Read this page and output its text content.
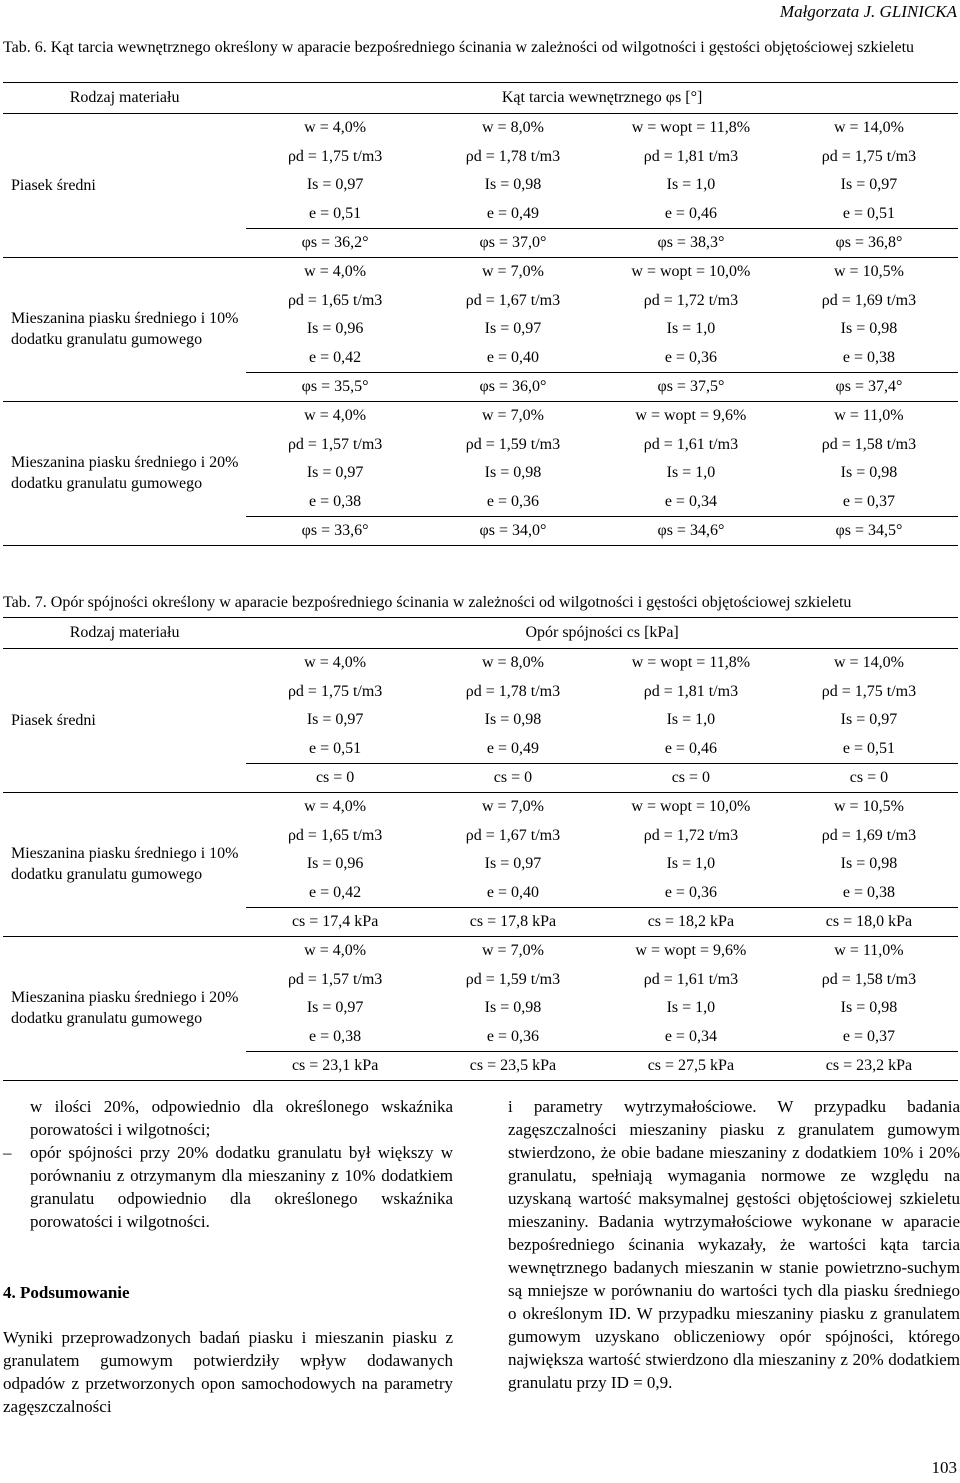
Małgorzata J. GLINICKA
Tab. 6. Kąt tarcia wewnętrznego określony w aparacie bezpośredniego ścinania w zależności od wilgotności i gęstości objętościowej szkieletu
Rodzaj materiału	Kąt tarcia wewnętrznego φs [°]			
Piasek średni	w = 4,0%	w = 8,0%	w = wopt = 11,8%	w = 14,0%
	ρd = 1,75 t/m3	ρd = 1,78 t/m3	ρd = 1,81 t/m3	ρd = 1,75 t/m3
	Is = 0,97	Is = 0,98	Is = 1,0	Is = 0,97
	e = 0,51	e = 0,49	e = 0,46	e = 0,51
	φs = 36,2°	φs = 37,0°	φs = 38,3°	φs = 36,8°
Mieszanina piasku średniego i 10% dodatku granulatu gumowego	w = 4,0%	w = 7,0%	w = wopt = 10,0%	w = 10,5%
	ρd = 1,65 t/m3	ρd = 1,67 t/m3	ρd = 1,72 t/m3	ρd = 1,69 t/m3
	Is = 0,96	Is = 0,97	Is = 1,0	Is = 0,98
	e = 0,42	e = 0,40	e = 0,36	e = 0,38
	φs = 35,5°	φs = 36,0°	φs = 37,5°	φs = 37,4°
Mieszanina piasku średniego i 20% dodatku granulatu gumowego	w = 4,0%	w = 7,0%	w = wopt = 9,6%	w = 11,0%
	ρd = 1,57 t/m3	ρd = 1,59 t/m3	ρd = 1,61 t/m3	ρd = 1,58 t/m3
	Is = 0,97	Is = 0,98	Is = 1,0	Is = 0,98
	e = 0,38	e = 0,36	e = 0,34	e = 0,37
	φs = 33,6°	φs = 34,0°	φs = 34,6°	φs = 34,5°
Tab. 7. Opór spójności określony w aparacie bezpośredniego ścinania w zależności od wilgotności i gęstości objętościowej szkieletu
Rodzaj materiału	Opór spójności cs [kPa]			
Piasek średni	w = 4,0%	w = 8,0%	w = wopt = 11,8%	w = 14,0%
	ρd = 1,75 t/m3	ρd = 1,78 t/m3	ρd = 1,81 t/m3	ρd = 1,75 t/m3
	Is = 0,97	Is = 0,98	Is = 1,0	Is = 0,97
	e = 0,51	e = 0,49	e = 0,46	e = 0,51
	cs = 0	cs = 0	cs = 0	cs = 0
Mieszanina piasku średniego i 10% dodatku granulatu gumowego	w = 4,0%	w = 7,0%	w = wopt = 10,0%	w = 10,5%
	ρd = 1,65 t/m3	ρd = 1,67 t/m3	ρd = 1,72 t/m3	ρd = 1,69 t/m3
	Is = 0,96	Is = 0,97	Is = 1,0	Is = 0,98
	e = 0,42	e = 0,40	e = 0,36	e = 0,38
	cs = 17,4 kPa	cs = 17,8 kPa	cs = 18,2 kPa	cs = 18,0 kPa
Mieszanina piasku średniego i 20% dodatku granulatu gumowego	w = 4,0%	w = 7,0%	w = wopt = 9,6%	w = 11,0%
	ρd = 1,57 t/m3	ρd = 1,59 t/m3	ρd = 1,61 t/m3	ρd = 1,58 t/m3
	Is = 0,97	Is = 0,98	Is = 1,0	Is = 0,98
	e = 0,38	e = 0,36	e = 0,34	e = 0,37
	cs = 23,1 kPa	cs = 23,5 kPa	cs = 27,5 kPa	cs = 23,2 kPa

w ilości 20%, odpowiednio dla określonego wskaźnika porowatości i wilgotności;

– opór spójności przy 20% dodatku granulatu był większy w porównaniu z otrzymanym dla mieszaniny z 10% dodatkiem granulatu odpowiednio dla określonego wskaźnika porowatości i wilgotności.

4. Podsumowanie

Wyniki przeprowadzonych badań piasku i mieszanin piasku z granulatem gumowym potwierdziły wpływ dodawanych odpadów z przetworzonych opon samochodowych na parametry zagęszczalności

i parametry wytrzymałościowe. W przypadku badania zagęszczalności mieszaniny piasku z granulatem gumowym stwierdzono, że obie badane mieszaniny z dodatkiem 10% i 20% granulatu, spełniają wymagania normowe ze względu na uzyskaną wartość maksymalnej gęstości objętościowej szkieletu mieszaniny. Badania wytrzymałościowe wykonane w aparacie bezpośredniego ścinania wykazały, że wartości kąta tarcia wewnętrznego badanych mieszanin w stanie powietrzno-suchym są mniejsze w porównaniu do wartości tych dla piasku średniego o określonym ID. W przypadku mieszaniny piasku z granulatem gumowym uzyskano obliczeniowy opór spójności, którego największa wartość stwierdzono dla mieszaniny z 20% dodatkiem granulatu przy ID = 0,9.

103
